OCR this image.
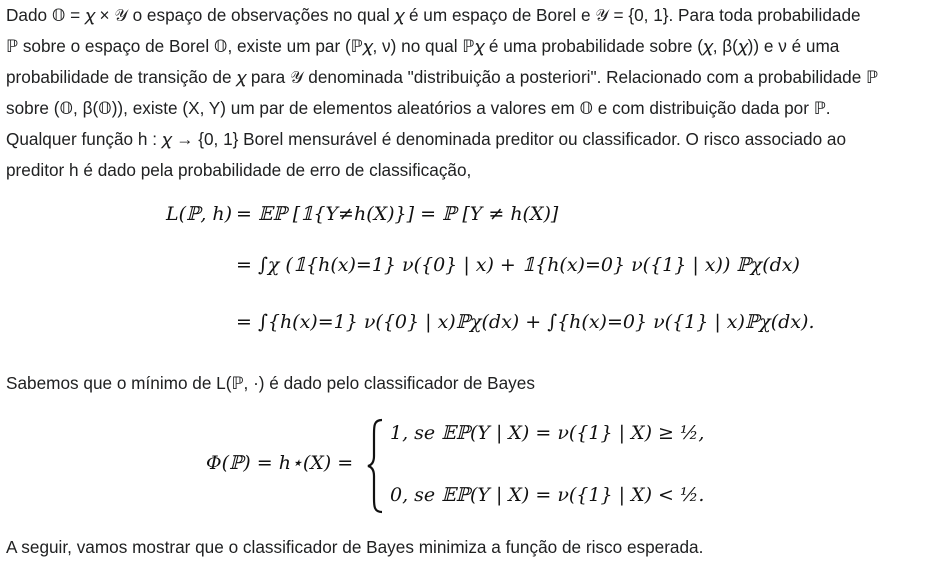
Dado 𝕆 = 𝜒 × 𝒴 o espaço de observações no qual 𝜒 é um espaço de Borel e 𝒴 = {0, 1}. Para toda probabilidade
ℙ sobre o espaço de Borel 𝕆, existe um par (ℙ𝜒, ν) no qual ℙ𝜒 é uma probabilidade sobre (𝜒, β(𝜒)) e ν é uma
probabilidade de transição de 𝜒 para 𝒴 denominada "distribuição a posteriori". Relacionado com a probabilidade ℙ
sobre (𝕆, β(𝕆)), existe (X, Y) um par de elementos aleatórios a valores em 𝕆 e com distribuição dada por ℙ.
Qualquer função h : 𝜒 → {0, 1} Borel mensurável é denominada preditor ou classificador. O risco associado ao
preditor h é dado pela probabilidade de erro de classificação,
L(ℙ, h) = 𝔼ℙ [𝟙{Y≠h(X)}] = ℙ [Y ≠ h(X)]
= ∫𝜒 (𝟙{h(x)=1} ν({0} | x) + 𝟙{h(x)=0} ν({1} | x)) ℙ𝜒(dx)
= ∫{h(x)=1} ν({0} | x)ℙ𝜒(dx) + ∫{h(x)=0} ν({1} | x)ℙ𝜒(dx).
Sabemos que o mínimo de L(ℙ, ·) é dado pelo classificador de Bayes
Φ(ℙ) = h⋆(X) =
1, se 𝔼ℙ(Y | X) = ν({1} | X) ≥ ½,
0, se 𝔼ℙ(Y | X) = ν({1} | X) < ½.
A seguir, vamos mostrar que o classificador de Bayes minimiza a função de risco esperada.
